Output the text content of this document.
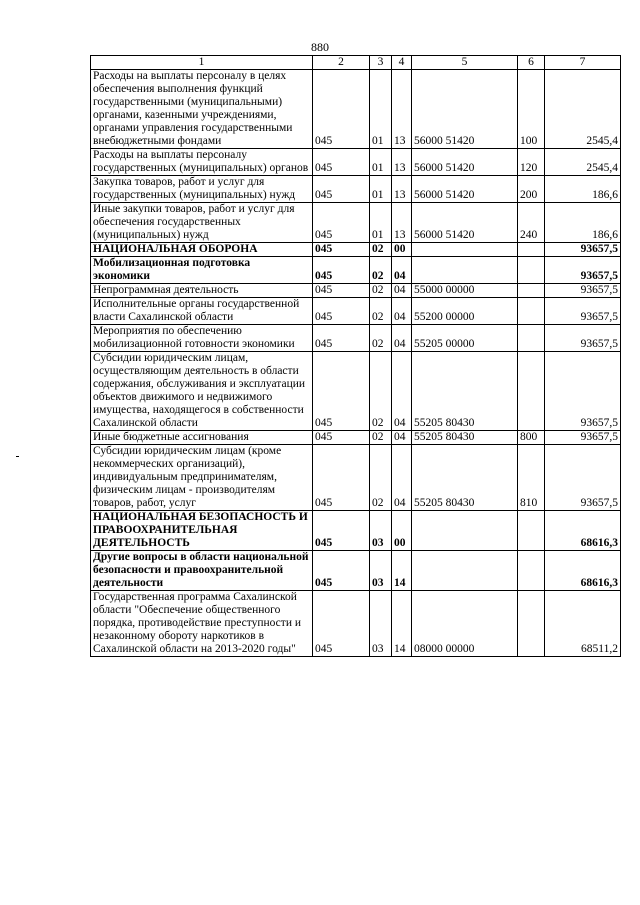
880
1	2	3	4	5	6	7
Расходы на выплаты персоналу в целях обеспечения выполнения функций государственными (муниципальными) органами, казенными учреждениями, органами управления государственными внебюджетными фондами	045	01	13	56000 51420	100	2545,4
Расходы на выплаты персоналу государственных (муниципальных) органов	045	01	13	56000 51420	120	2545,4
Закупка товаров, работ и услуг для государственных (муниципальных) нужд	045	01	13	56000 51420	200	186,6
Иные закупки товаров, работ и услуг для обеспечения государственных (муниципальных) нужд	045	01	13	56000 51420	240	186,6
НАЦИОНАЛЬНАЯ ОБОРОНА	045	02	00			93657,5
Мобилизационная подготовка экономики	045	02	04			93657,5
Непрограммная деятельность	045	02	04	55000 00000		93657,5
Исполнительные органы государственной власти Сахалинской области	045	02	04	55200 00000		93657,5
Мероприятия по обеспечению мобилизационной готовности экономики	045	02	04	55205 00000		93657,5
Субсидии юридическим лицам, осуществляющим деятельность в области содержания, обслуживания и эксплуатации объектов движимого и недвижимого имущества, находящегося в собственности Сахалинской области	045	02	04	55205 80430		93657,5
Иные бюджетные ассигнования	045	02	04	55205 80430	800	93657,5
Субсидии юридическим лицам (кроме некоммерческих организаций), индивидуальным предпринимателям, физическим лицам - производителям товаров, работ, услуг	045	02	04	55205 80430	810	93657,5
НАЦИОНАЛЬНАЯ БЕЗОПАСНОСТЬ И ПРАВООХРАНИТЕЛЬНАЯ ДЕЯТЕЛЬНОСТЬ	045	03	00			68616,3
Другие вопросы в области национальной безопасности и правоохранительной деятельности	045	03	14			68616,3
Государственная программа Сахалинской области "Обеспечение общественного порядка, противодействие преступности и незаконному обороту наркотиков в Сахалинской области на 2013-2020 годы"	045	03	14	08000 00000		68511,2
